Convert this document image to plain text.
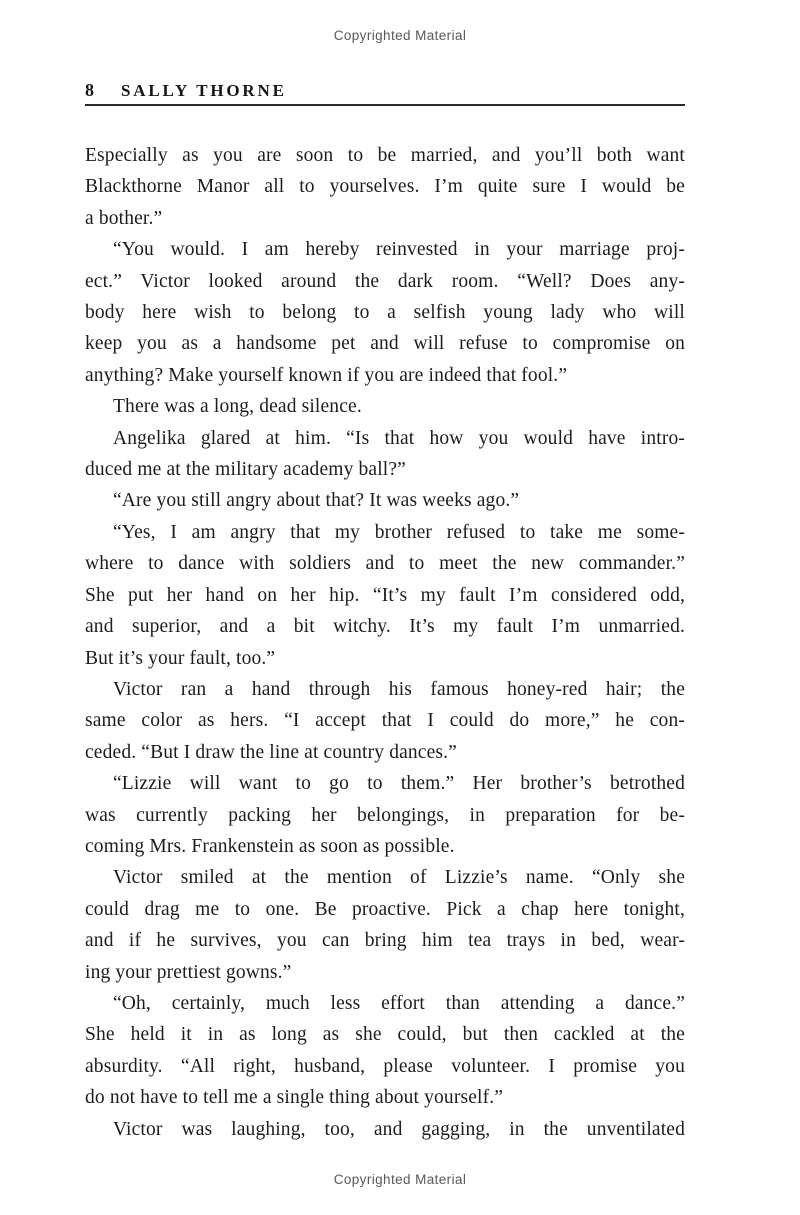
Copyrighted Material
8 SALLY THORNE
Especially as you are soon to be married, and you’ll both want
Blackthorne Manor all to yourselves. I’m quite sure I would be
a bother.”
“You would. I am hereby reinvested in your marriage proj-
ect.” Victor looked around the dark room. “Well? Does any-
body here wish to belong to a selfish young lady who will
keep you as a handsome pet and will refuse to compromise on
anything? Make yourself known if you are indeed that fool.”
There was a long, dead silence.
Angelika glared at him. “Is that how you would have intro-
duced me at the military academy ball?”
“Are you still angry about that? It was weeks ago.”
“Yes, I am angry that my brother refused to take me some-
where to dance with soldiers and to meet the new commander.”
She put her hand on her hip. “It’s my fault I’m considered odd,
and superior, and a bit witchy. It’s my fault I’m unmarried.
But it’s your fault, too.”
Victor ran a hand through his famous honey-red hair; the
same color as hers. “I accept that I could do more,” he con-
ceded. “But I draw the line at country dances.”
“Lizzie will want to go to them.” Her brother’s betrothed
was currently packing her belongings, in preparation for be-
coming Mrs. Frankenstein as soon as possible.
Victor smiled at the mention of Lizzie’s name. “Only she
could drag me to one. Be proactive. Pick a chap here tonight,
and if he survives, you can bring him tea trays in bed, wear-
ing your prettiest gowns.”
“Oh, certainly, much less effort than attending a dance.”
She held it in as long as she could, but then cackled at the
absurdity. “All right, husband, please volunteer. I promise you
do not have to tell me a single thing about yourself.”
Victor was laughing, too, and gagging, in the unventilated
Copyrighted Material
